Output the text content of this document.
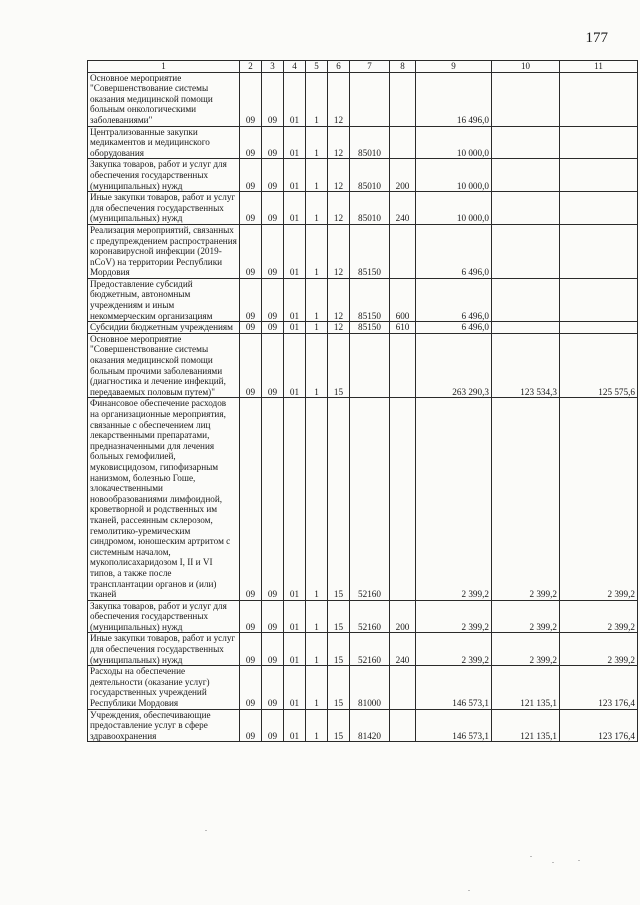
177
1	2	3	4	5	6	7	8	9	10	11
Основное мероприятие "Совершенствование системы оказания медицинской помощи больным онкологическими заболеваниями"	09	09	01	1	12			16 496,0		
Централизованные закупки медикаментов и медицинского оборудования	09	09	01	1	12	85010		10 000,0		
Закупка товаров, работ и услуг для обеспечения государственных (муниципальных) нужд	09	09	01	1	12	85010	200	10 000,0		
Иные закупки товаров, работ и услуг для обеспечения государственных (муниципальных) нужд	09	09	01	1	12	85010	240	10 000,0		
Реализация мероприятий, связанных с предупреждением распространения коронавирусной инфекции (2019-nCoV) на территории Республики Мордовия	09	09	01	1	12	85150		6 496,0		
Предоставление субсидий бюджетным, автономным учреждениям и иным некоммерческим организациям	09	09	01	1	12	85150	600	6 496,0		
Субсидии бюджетным учреждениям	09	09	01	1	12	85150	610	6 496,0		
Основное мероприятие "Совершенствование системы оказания медицинской помощи больным прочими заболеваниями (диагностика и лечение инфекций, передаваемых половым путем)"	09	09	01	1	15			263 290,3	123 534,3	125 575,6
Финансовое обеспечение расходов на организационные мероприятия, связанные с обеспечением лиц лекарственными препаратами, предназначенными для лечения больных гемофилией, муковисцидозом, гипофизарным нанизмом, болезнью Гоше, злокачественными новообразованиями лимфоидной, кроветворной и родственных им тканей, рассеянным склерозом, гемолитико-уремическим синдромом, юношеским артритом с системным началом, мукополисахаридозом I, II и VI типов, а также после трансплантации органов и (или) тканей	09	09	01	1	15	52160		2 399,2	2 399,2	2 399,2
Закупка товаров, работ и услуг для обеспечения государственных (муниципальных) нужд	09	09	01	1	15	52160	200	2 399,2	2 399,2	2 399,2
Иные закупки товаров, работ и услуг для обеспечения государственных (муниципальных) нужд	09	09	01	1	15	52160	240	2 399,2	2 399,2	2 399,2
Расходы на обеспечение деятельности (оказание услуг) государственных учреждений Республики Мордовия	09	09	01	1	15	81000		146 573,1	121 135,1	123 176,4
Учреждения, обеспечивающие предоставление услуг в сфере здравоохранения	09	09	01	1	15	81420		146 573,1	121 135,1	123 176,4
